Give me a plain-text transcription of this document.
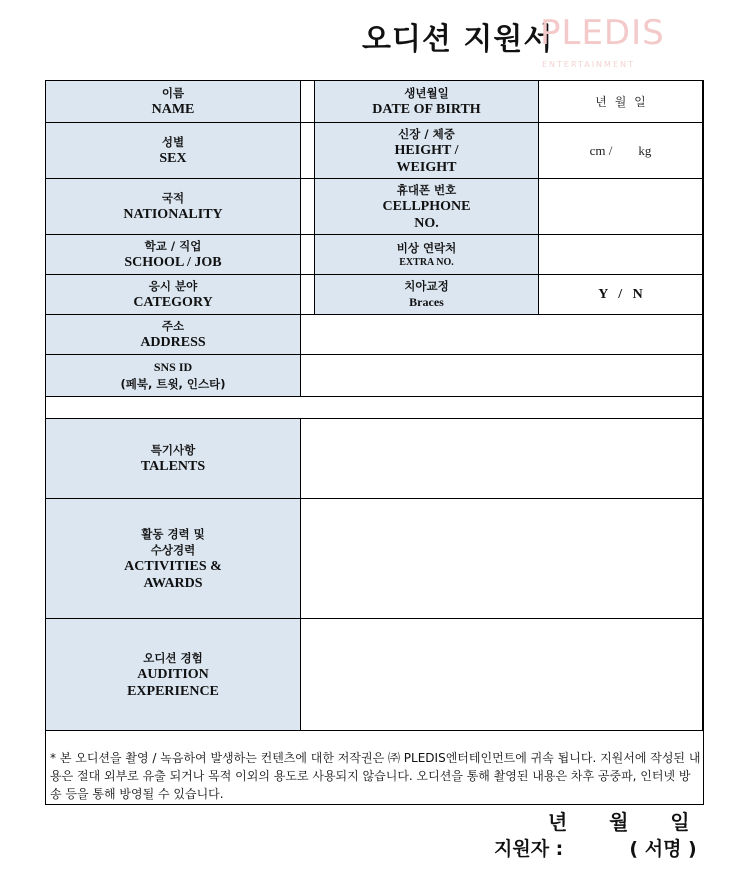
오디션 지원서
PLEDIS
ENTERTAINMENT
이름
NAME
생년월일
DATE OF BIRTH	년 월 일
성별
SEX
신장 / 체중
HEIGHT / WEIGHT
cm / kg
국적
NATIONALITY
휴대폰 번호
CELLPHONE NO.
학교 / 직업
SCHOOL / JOB
비상 연락처
EXTRA NO.
응시 분야
CATEGORY
치아교정
Braces
Y   /   N
주소
ADDRESS
SNS ID
(페북, 트윗, 인스타)
특기사항
TALENTS
활동 경력 및
수상경력
ACTIVITIES &
AWARDS
오디션 경험
AUDITION
EXPERIENCE
* 본 오디션을 촬영 / 녹음하여 발생하는 컨텐츠에 대한 저작권은 ㈜ PLEDIS엔터테인먼트에 귀속 됩니다. 지원서에 작성된 내용은 절대 외부로 유출 되거나 목적 이외의 용도로 사용되지 않습니다. 오디션을 통해 촬영된 내용은 차후 공중파, 인터넷 방송 등을 통해 방영될 수 있습니다.
년      월      일
지원자 :          ( 서명 )
